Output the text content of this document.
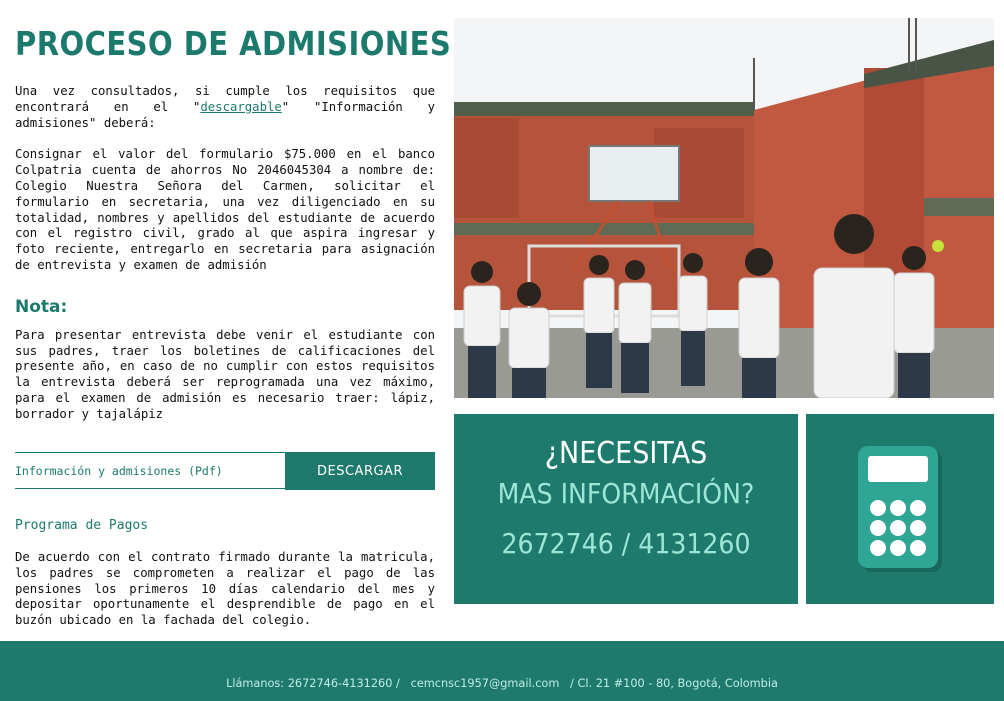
PROCESO DE ADMISIONES

Una vez consultados, si cumple los requisitos que encontrará en el "descargable" "Información y admisiones" deberá:

Consignar el valor del formulario $75.000 en el banco Colpatria cuenta de ahorros No 2046045304 a nombre de: Colegio Nuestra Señora del Carmen, solicitar el formulario en secretaria, una vez diligenciado en su totalidad, nombres y apellidos del estudiante de acuerdo con el registro civil, grado al que aspira ingresar y foto reciente, entregarlo en secretaria para asignación de entrevista y examen de admisión

Nota:

Para presentar entrevista debe venir el estudiante con sus padres, traer los boletines de calificaciones del presente año, en caso de no cumplir con estos requisitos la entrevista deberá ser reprogramada una vez máximo, para el examen de admisión es necesario traer: lápiz, borrador y tajalápiz

Información y admisiones (Pdf)	DESCARGAR
Programa de Pagos

De acuerdo con el contrato firmado durante la matricula, los padres se comprometen a realizar el pago de las pensiones los primeros 10 días calendario del mes y depositar oportunamente el desprendible de pago en el buzón ubicado en la fachada del colegio.

¿NECESITAS
MAS INFORMACIÓN?
2672746 / 4131260
Llámanos: 2672746-4131260 / cemcnsc1957@gmail.com / Cl. 21 #100 - 80, Bogotá, Colombia
